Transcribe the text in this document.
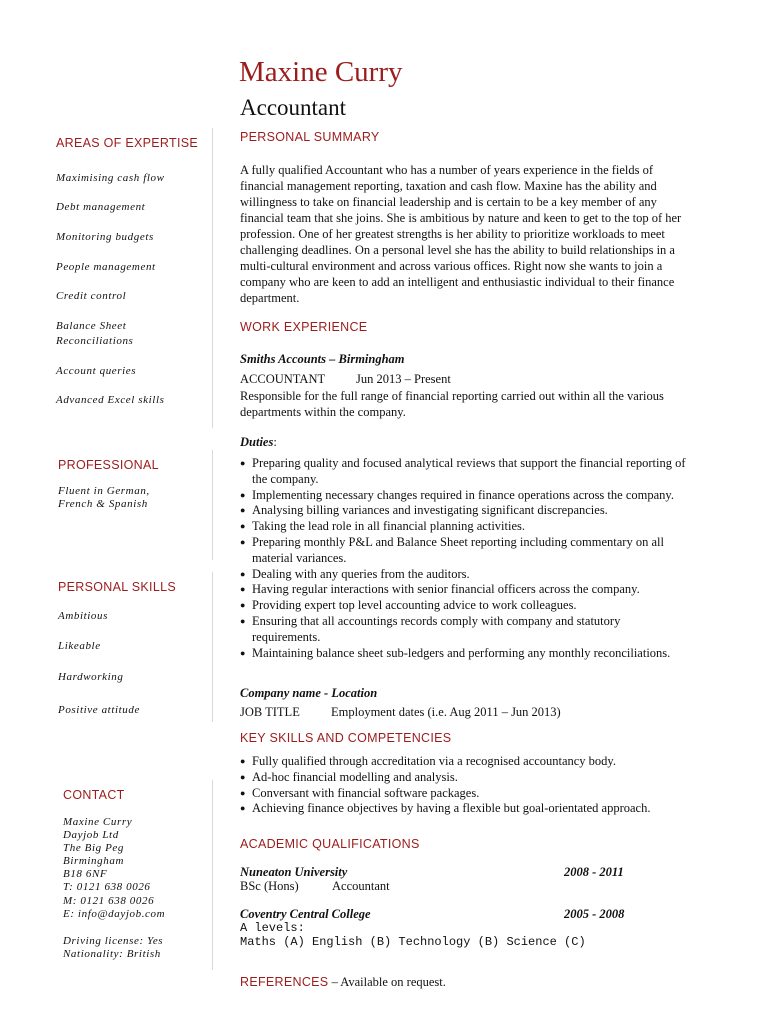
Maxine Curry
Accountant
AREAS OF EXPERTISE
Maximising cash flow
Debt management
Monitoring budgets
People management
Credit control
Balance Sheet
Reconciliations
Account queries
Advanced Excel skills
PROFESSIONAL
Fluent in German,
French & Spanish
PERSONAL SKILLS
Ambitious
Likeable
Hardworking
Positive attitude
CONTACT
Maxine Curry
Dayjob Ltd
The Big Peg
Birmingham
B18 6NF
T: 0121 638 0026
M: 0121 638 0026
E: info@dayjob.com
Driving license: Yes
Nationality: British
PERSONAL SUMMARY
A fully qualified Accountant who has a number of years experience in the fields of financial management reporting, taxation and cash flow. Maxine has the ability and willingness to take on financial leadership and is certain to be a key member of any financial team that she joins. She is ambitious by nature and keen to get to the top of her profession. One of her greatest strengths is her ability to prioritize workloads to meet challenging deadlines. On a personal level she has the ability to build relationships in a multi-cultural environment and across various offices. Right now she wants to join a company who are keen to add an intelligent and enthusiastic individual to their finance department.
WORK EXPERIENCE
Smiths Accounts – Birmingham
ACCOUNTANT Jun 2013 – Present
Responsible for the full range of financial reporting carried out within all the various departments within the company.
Duties:
● Preparing quality and focused analytical reviews that support the financial reporting of the company.
● Implementing necessary changes required in finance operations across the company.
● Analysing billing variances and investigating significant discrepancies.
● Taking the lead role in all financial planning activities.
● Preparing monthly P&L and Balance Sheet reporting including commentary on all material variances.
● Dealing with any queries from the auditors.
● Having regular interactions with senior financial officers across the company.
● Providing expert top level accounting advice to work colleagues.
● Ensuring that all accountings records comply with company and statutory requirements.
● Maintaining balance sheet sub-ledgers and performing any monthly reconciliations.
Company name - Location
JOB TITLE Employment dates (i.e. Aug 2011 – Jun 2013)
KEY SKILLS AND COMPETENCIES
● Fully qualified through accreditation via a recognised accountancy body.
● Ad-hoc financial modelling and analysis.
● Conversant with financial software packages.
● Achieving finance objectives by having a flexible but goal-orientated approach.
ACADEMIC QUALIFICATIONS
Nuneaton University	2008 - 2011
BSc (Hons)	Accountant
Coventry Central College	2005 - 2008
A levels:
Maths (A) English (B) Technology (B) Science (C)
REFERENCES – Available on request.
